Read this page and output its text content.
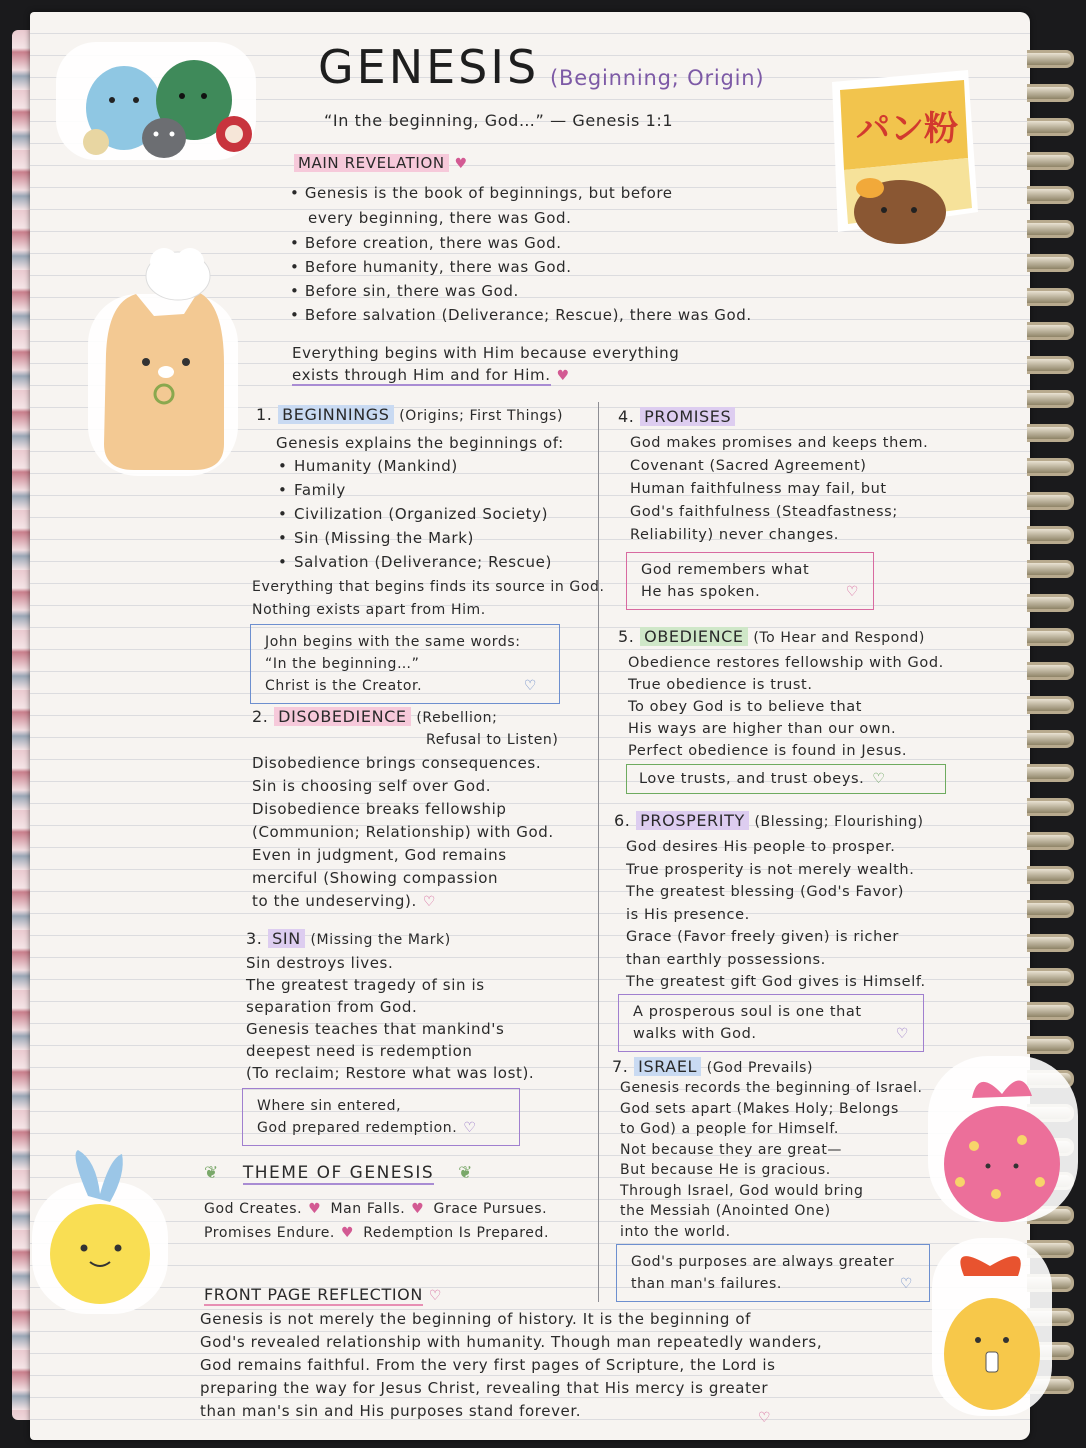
パン粉
GENESIS (Beginning; Origin)
“In the beginning, God…” — Genesis 1:1
MAIN REVELATION ♥
• Genesis is the book of beginnings, but before
every beginning, there was God.
• Before creation, there was God.
• Before humanity, there was God.
• Before sin, there was God.
• Before salvation (Deliverance; Rescue), there was God.
Everything begins with Him because everything
exists through Him and for Him. ♥
1. BEGINNINGS (Origins; First Things)
Genesis explains the beginnings of:
• Humanity (Mankind)
• Family
• Civilization (Organized Society)
• Sin (Missing the Mark)
• Salvation (Deliverance; Rescue)
Everything that begins finds its source in God.
Nothing exists apart from Him.
John begins with the same words:
“In the beginning…”
Christ is the Creator.	♡
2. DISOBEDIENCE (Rebellion;
Refusal to Listen)
Disobedience brings consequences.
Sin is choosing self over God.
Disobedience breaks fellowship
(Communion; Relationship) with God.
Even in judgment, God remains
merciful (Showing compassion
to the undeserving). ♡
3. SIN (Missing the Mark)
Sin destroys lives.
The greatest tragedy of sin is
separation from God.
Genesis teaches that mankind's
deepest need is redemption
(To reclaim; Restore what was lost).
Where sin entered,
God prepared redemption. ♡
❦ THEME OF GENESIS ❦
God Creates. ♥ Man Falls. ♥ Grace Pursues.
Promises Endure. ♥ Redemption Is Prepared.
4. PROMISES
God makes promises and keeps them.
Covenant (Sacred Agreement)
Human faithfulness may fail, but
God's faithfulness (Steadfastness;
Reliability) never changes.
God remembers what
He has spoken.	♡
5. OBEDIENCE (To Hear and Respond)
Obedience restores fellowship with God.
True obedience is trust.
To obey God is to believe that
His ways are higher than our own.
Perfect obedience is found in Jesus.
Love trusts, and trust obeys. ♡
6. PROSPERITY (Blessing; Flourishing)
God desires His people to prosper.
True prosperity is not merely wealth.
The greatest blessing (God's Favor)
is His presence.
Grace (Favor freely given) is richer
than earthly possessions.
The greatest gift God gives is Himself.
A prosperous soul is one that
walks with God.	♡
7. ISRAEL (God Prevails)
Genesis records the beginning of Israel.
God sets apart (Makes Holy; Belongs
to God) a people for Himself.
Not because they are great—
But because He is gracious.
Through Israel, God would bring
the Messiah (Anointed One)
into the world.
God's purposes are always greater
than man's failures.	♡
FRONT PAGE REFLECTION ♡
Genesis is not merely the beginning of history. It is the beginning of
God's revealed relationship with humanity. Though man repeatedly wanders,
God remains faithful. From the very first pages of Scripture, the Lord is
preparing the way for Jesus Christ, revealing that His mercy is greater
than man's sin and His purposes stand forever.	♡
